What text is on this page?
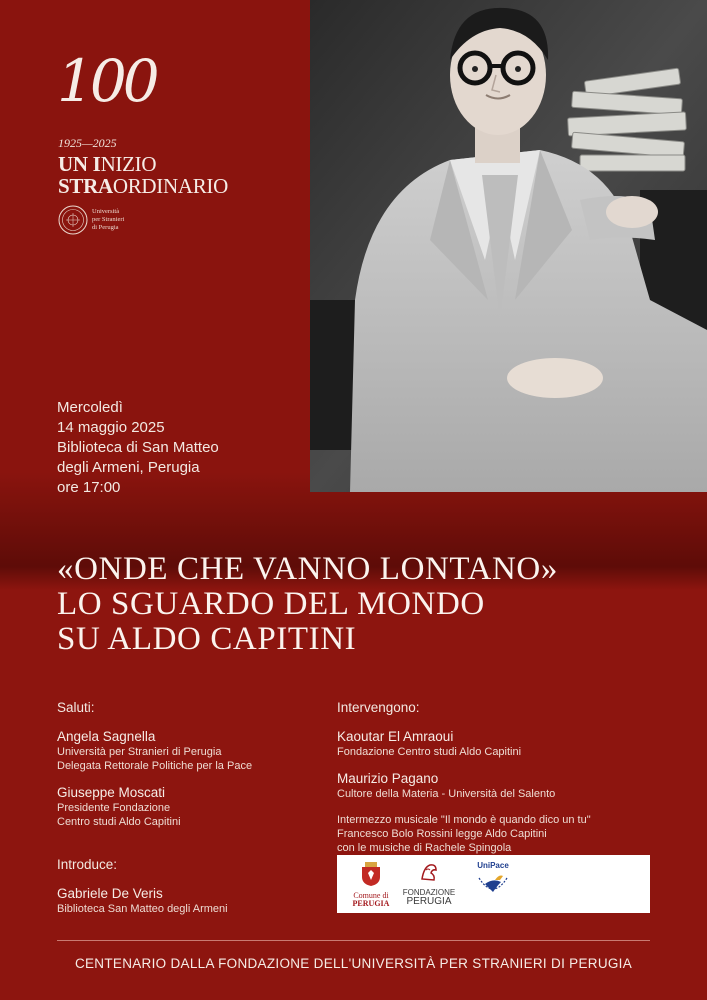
100
1925—2025
UN INIZIO
STRAORDINARIO
Università
per Stranieri
di Perugia
Mercoledì
14 maggio 2025
Biblioteca di San Matteo
degli Armeni, Perugia
ore 17:00
«ONDE CHE VANNO LONTANO»
LO SGUARDO DEL MONDO
SU ALDO CAPITINI
Saluti:
Angela Sagnella
Università per Stranieri di Perugia
Delegata Rettorale Politiche per la Pace
Giuseppe Moscati
Presidente Fondazione
Centro studi Aldo Capitini
Introduce:
Gabriele De Veris
Biblioteca San Matteo degli Armeni
Intervengono:
Kaoutar El Amraoui
Fondazione Centro studi Aldo Capitini
Maurizio Pagano
Cultore della Materia - Università del Salento
Intermezzo musicale "Il mondo è quando dico un tu"
Francesco Bolo Rossini legge Aldo Capitini
con le musiche di Rachele Spingola
Comune di
PERUGIA
FONDAZIONE
PERUGIA
UniPace
CENTENARIO DALLA FONDAZIONE DELL'UNIVERSITÀ PER STRANIERI DI PERUGIA
